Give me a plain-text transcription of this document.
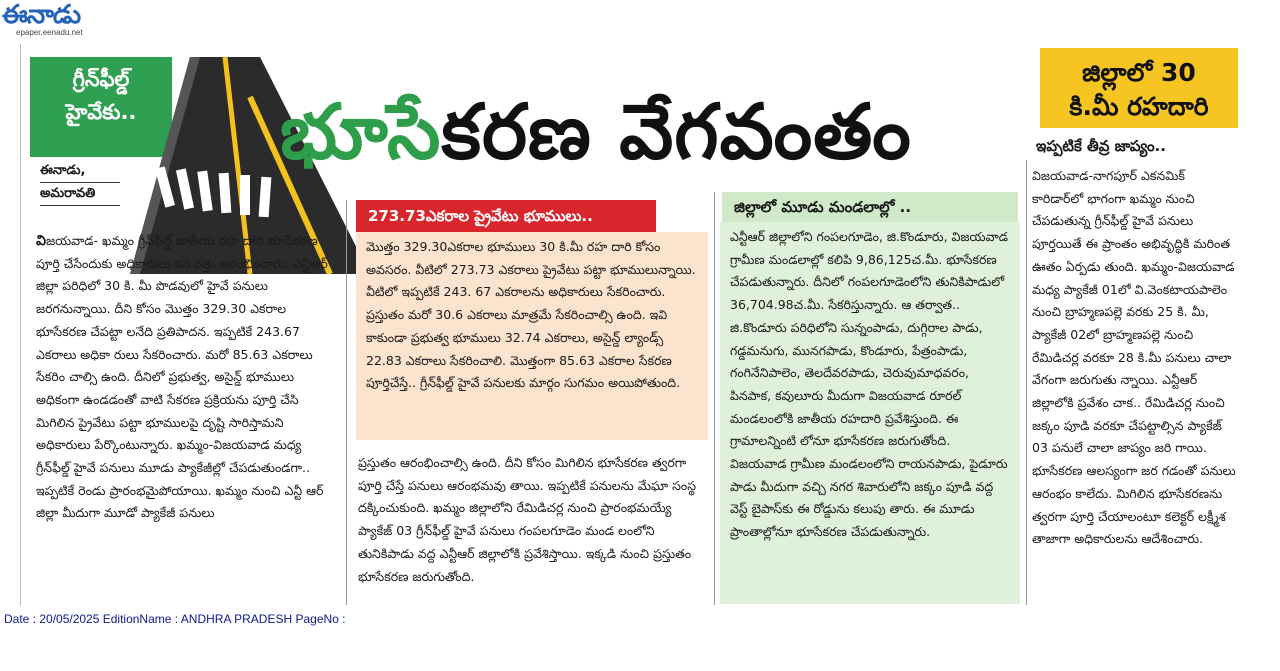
ఈనాడు
epaper.eenadu.net
గ్రీన్‌ఫీల్డ్
హైవేకు..	భూసేకరణ వేగవంతం
ఈనాడు,
అమరావతి
జిల్లాలో 30
కి.మీ రహదారి
ఇప్పటికే తీవ్ర జాప్యం..

విజయవాడ- ఖమ్మం గ్రీన్‌ఫీల్డ్ జాతీయ రహ దారి భూసేకరణ పూర్తి చేసేందుకు అధికారులు కస రత్తు ఆరంభించారు. ఎన్టీఆర్ జిల్లా పరిధిలో 30 కి. మీ పొడవులో హైవే పనులు జరగనున్నాయి. దీని కోసం మొత్తం 329.30 ఎకరాల భూసేకరణ చేపట్టా లనేది ప్రతిపాదన. ఇప్పటికే 243.67 ఎకరాలు అధికా రులు సేకరించారు. మరో 85.63 ఎకరాలు సేకరిం చాల్సి ఉంది. దీనిలో ప్రభుత్వ, అసైన్డ్ భూములు అధికంగా ఉండడంతో వాటి సేకరణ ప్రక్రియను పూర్తి చేసి మిగిలిన ప్రైవేటు పట్టా భూములపై దృష్టి సారిస్తామని అధికారులు పేర్కొంటున్నారు. ఖమ్మం-విజయవాడ మధ్య గ్రీన్‌ఫీల్డ్ హైవే పనులు మూడు ప్యాకేజీల్లో చేపడుతుండగా.. ఇప్పటికే రెండు ప్రారంభమైపోయాయి. ఖమ్మం నుంచి ఎన్టీ ఆర్ జిల్లా మీదుగా మూడో ప్యాకేజీ పనులు

273.73ఎకరాల ప్రైవేటు భూములు..
మొత్తం 329.30ఎకరాల భూములు 30 కి.మీ రహ దారి కోసం అవసరం. వీటిలో 273.73 ఎకరాలు ప్రైవేటు పట్టా భూములున్నాయి. వీటిలో ఇప్పటికే 243. 67 ఎకరాలను అధికారులు సేకరించారు. ప్రస్తుతం మరో 30.6 ఎకరాలు మాత్రమే సేకరించాల్సి ఉంది. ఇవి కాకుండా ప్రభుత్వ భూములు 32.74 ఎకరాలు, అసైన్డ్ ల్యాండ్స్ 22.83 ఎకరాలు సేకరించాలి. మొత్తంగా 85.63 ఎకరాల సేకరణ పూర్తిచేస్తే.. గ్రీన్‌ఫీల్డ్ హైవే పనులకు మార్గం సుగమం అయిపోతుంది.
ప్రస్తుతం ఆరంభించాల్సి ఉంది. దీని కోసం మిగిలిన భూసేకరణ త్వరగా పూర్తి చేస్తే పనులు ఆరంభమవు తాయి. ఇప్పటికే పనులను మేఘా సంస్థ దక్కించుకుంది. ఖమ్మం జిల్లాలోని రేమిడిచర్ల నుంచి ప్రారంభమయ్యే ప్యాకేజ్ 03 గ్రీన్‌ఫీల్డ్ హైవే పనులు గంపలగూడెం మండ లంలోని తునికిపాడు వద్ద ఎన్టీఆర్ జిల్లాలోకి ప్రవేశిస్తాయి. ఇక్కడి నుంచి ప్రస్తుతం భూసేకరణ జరుగుతోంది.
జిల్లాలో మూడు మండలాల్లో ..
ఎన్టీఆర్ జిల్లాలోని గంపలగూడెం, జి.కొండూరు, విజయవాడ గ్రామీణ మండలాల్లో కలిపి 9,86,125చ.మీ. భూసేకరణ చేపడుతున్నారు. దీనిలో గంపలగూడెంలోని తునికిపాడులో 36,704.98చ.మీ. సేకరిస్తున్నారు. ఆ తర్వాత.. జి.కొండూరు పరిధిలోని సున్నంపాడు, దుగ్గిరాల పాడు, గడ్డమనుగు, మునగపాడు, కొండూరు, పేత్రంపాడు, గంగినేనిపాలెం, తెలదేవరపాడు, చెరువుమాధవరం, పినపాక, కవులూరు మీదుగా విజయవాడ రూరల్ మండలంలోకి జాతీయ రహదారి ప్రవేశిస్తుంది. ఈ గ్రామాలన్నింటి లోనూ భూసేకరణ జరుగుతోంది. విజయవాడ గ్రామీణ మండలంలోని రాయనపాడు, పైడూరు పాడు మీదుగా వచ్చి నగర శివారులోని జక్కం పూడి వద్ద వెస్ట్ బైపాస్‌కు ఈ రోడ్డును కలుపు తారు. ఈ మూడు ప్రాంతాల్లోనూ భూసేకరణ చేపడుతున్నారు.
విజయవాడ-నాగపూర్ ఎకనమిక్ కారిడార్‌లో భాగంగా ఖమ్మం నుంచి చేపడుతున్న గ్రీన్‌ఫీల్డ్ హైవే పనులు పూర్తయితే ఈ ప్రాంతం అభివృద్ధికి మరింత ఊతం ఏర్పడు తుంది. ఖమ్మం-విజయవాడ మధ్య ప్యాకేజీ 01లో వి.వెంకటాయపాలెం నుంచి బ్రాహ్మణపల్లె వరకు 25 కి. మీ, ప్యాకేజీ 02లో బ్రాహ్మణపల్లె నుంచి రేమిడిచర్ల వరకూ 28 కి.మీ పనులు చాలా వేగంగా జరుగుతు న్నాయి. ఎన్టీఆర్ జిల్లాలోకి ప్రవేశం చాక.. రేమిడిచర్ల నుంచి జక్కం పూడి వరకూ చేపట్టాల్సిన ప్యాకేజ్ 03 పనులే చాలా జాప్యం జరి గాయి. భూసేకరణ ఆలస్యంగా జర గడంతో పనులు ఆరంభం కాలేదు. మిగిలిన భూసేకరణను త్వరగా పూర్తి చేయాలంటూ కలెక్టర్ లక్ష్మీశ తాజాగా అధికారులను ఆదేశించారు.
Date : 20/05/2025 EditionName : ANDHRA PRADESH PageNo :
